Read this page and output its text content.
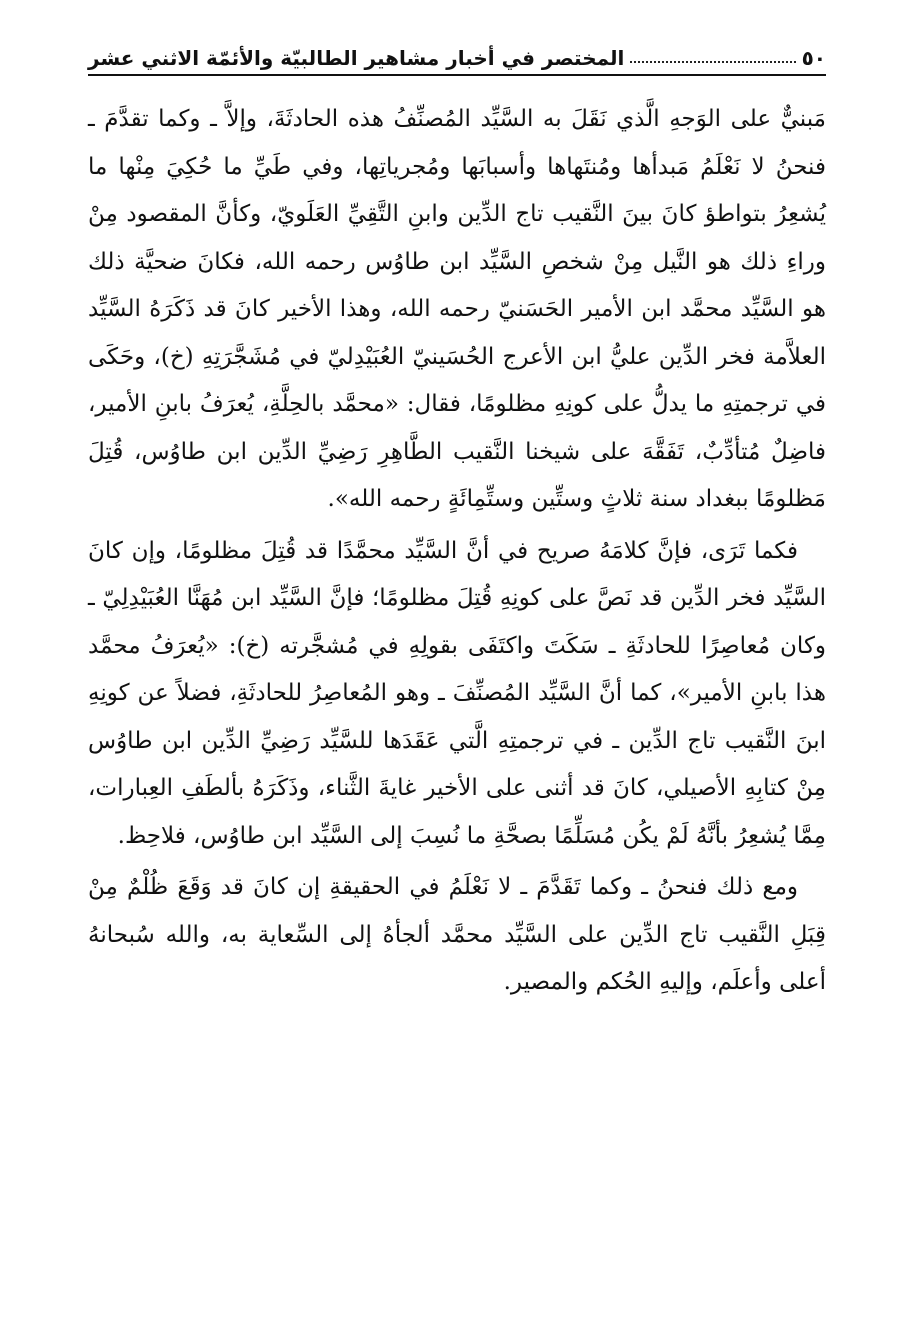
٥٠
المختصر في أخبار مشاهير الطالبيّة والأئمّة الاثني عشر

مَبنيٌّ على الوَجهِ الَّذي نَقَلَ به السَّيِّد المُصنِّفُ هذه الحادثَةَ، وإلاَّ ـ وكما تقدَّمَ ـ فنحنُ لا نَعْلَمُ مَبدأها ومُنتَهاها وأسبابَها ومُجرياتِها، وفي طَيِّ ما حُكِيَ مِنْها ما يُشعِرُ بتواطؤ كانَ بينَ النَّقيب تاج الدِّين وابنِ التَّقِيِّ العَلَويّ، وكأنَّ المقصود مِنْ وراءِ ذلك هو النَّيل مِنْ شخصِ السَّيِّد ابن طاوُس رحمه الله، فكانَ ضحيَّة ذلك هو السَّيِّد محمَّد ابن الأمير الحَسَنيّ رحمه الله، وهذا الأخير كانَ قد ذَكَرَهُ السَّيِّد العلاَّمة فخر الدِّين عليُّ ابن الأعرج الحُسَينيّ العُبَيْدِليّ في مُشَجَّرَتِهِ (خ)، وحَكَى في ترجمتِهِ ما يدلُّ على كونِهِ مظلومًا، فقال: «محمَّد بالحِلَّةِ، يُعرَفُ بابنِ الأمير، فاضِلٌ مُتأدِّبٌ، تَفَقَّهَ على شيخنا النَّقيب الطَّاهِرِ رَضِيِّ الدِّين ابن طاوُس، قُتِلَ مَظلومًا ببغداد سنة ثلاثٍ وستِّين وستِّمِائَةٍ رحمه الله».

فكما تَرَى، فإنَّ كلامَهُ صريح في أنَّ السَّيِّد محمَّدًا قد قُتِلَ مظلومًا، وإن كانَ السَّيِّد فخر الدِّين قد نَصَّ على كونِهِ قُتِلَ مظلومًا؛ فإنَّ السَّيِّد ابن مُهَنَّا العُبَيْدِلِيّ ـ وكان مُعاصِرًا للحادثَةِ ـ سَكَتَ واكتَفَى بقولِهِ في مُشجَّرته (خ): «يُعرَفُ محمَّد هذا بابنِ الأمير»، كما أنَّ السَّيِّد المُصنِّفَ ـ وهو المُعاصِرُ للحادثَةِ، فضلاً عن كونِهِ ابنَ النَّقيب تاج الدِّين ـ في ترجمتِهِ الَّتي عَقَدَها للسَّيِّد رَضِيِّ الدِّين ابن طاوُس مِنْ كتابِهِ الأصيلي، كانَ قد أثنى على الأخير غايةَ الثَّناء، وذَكَرَهُ بألطَفِ العِبارات، مِمَّا يُشعِرُ بأنَّهُ لَمْ يكُن مُسَلِّمًا بصحَّةِ ما نُسِبَ إلى السَّيِّد ابن طاوُس، فلاحِظ.

ومع ذلك فنحنُ ـ وكما تَقَدَّمَ ـ لا نَعْلَمُ في الحقيقةِ إن كانَ قد وَقَعَ ظُلْمٌ مِنْ قِبَلِ النَّقيب تاج الدِّين على السَّيِّد محمَّد ألجأهُ إلى السِّعاية به، والله سُبحانهُ أعلى وأعلَم، وإليهِ الحُكم والمصير.
